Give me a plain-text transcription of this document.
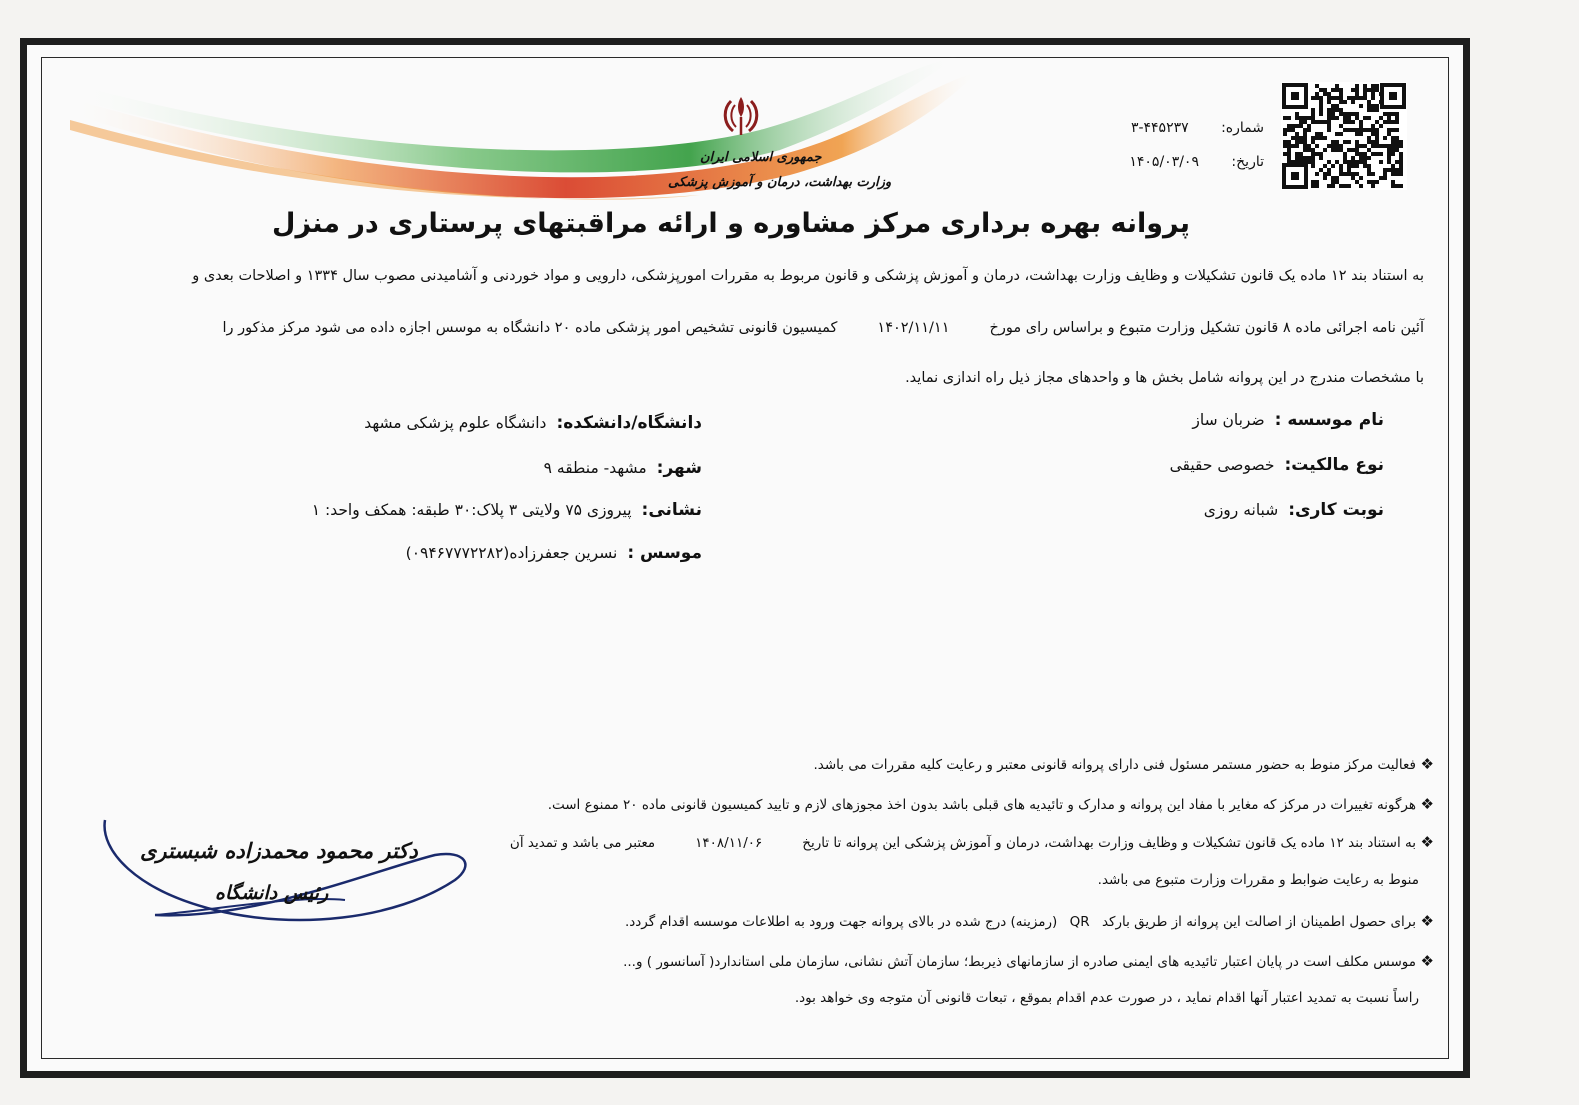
جمهوری اسلامی ایران
وزارت بهداشت، درمان و آموزش پزشکی
شماره: ۳-۴۴۵۲۳۷
تاریخ: ۱۴۰۵/۰۳/۰۹
پروانه بهره برداری مرکز مشاوره و ارائه مراقبتهای پرستاری در منزل
به استناد بند ۱۲ ماده یک قانون تشکیلات و وظایف وزارت بهداشت، درمان و آموزش پزشکی و قانون مربوط به مقررات امورپزشکی، دارویی و مواد خوردنی و آشامیدنی مصوب سال ۱۳۳۴ و اصلاحات بعدی و
آئین نامه اجرائی ماده ۸ قانون تشکیل وزارت متبوع و براساس رای مورخ۱۴۰۲/۱۱/۱۱کمیسیون قانونی تشخیص امور پزشکی ماده ۲۰ دانشگاه به موسس اجازه داده می شود مرکز مذکور را
با مشخصات مندرج در این پروانه شامل بخش ها و واحدهای مجاز ذیل راه اندازی نماید.
نام موسسه :ضربان ساز
نوع مالکیت:خصوصی حقیقی
نوبت کاری:شبانه روزی
دانشگاه/دانشکده:دانشگاه علوم پزشکی مشهد
شهر:مشهد- منطقه ۹
نشانی:پیروزی ۷۵ ولایتی ۳ پلاک:۳۰ طبقه: همکف واحد: ۱
موسس :نسرین جعفرزاده(۰۹۴۶۷۷۷۲۲۸۲)
❖فعالیت مرکز منوط به حضور مستمر مسئول فنی دارای پروانه قانونی معتبر و رعایت کلیه مقررات می باشد.
❖هرگونه تغییرات در مرکز که مغایر با مفاد این پروانه و مدارک و تائیدیه های قبلی باشد بدون اخذ مجوزهای لازم و تایید کمیسیون قانونی ماده ۲۰ ممنوع است.
❖به استناد بند ۱۲ ماده یک قانون تشکیلات و وظایف وزارت بهداشت، درمان و آموزش پزشکی این پروانه تا تاریخ۱۴۰۸/۱۱/۰۶معتبر می باشد و تمدید آن
منوط به رعایت ضوابط و مقررات وزارت متبوع می باشد.
❖برای حصول اطمینان از اصالت این پروانه از طریق بارکد QR (رمزینه) درج شده در بالای پروانه جهت ورود به اطلاعات موسسه اقدام گردد.
❖موسس مکلف است در پایان اعتبار تائیدیه های ایمنی صادره از سازمانهای ذیربط؛ سازمان آتش نشانی، سازمان ملی استاندارد( آسانسور ) و...
راساً نسبت به تمدید اعتبار آنها اقدام نماید ، در صورت عدم اقدام بموقع ، تبعات قانونی آن متوجه وی خواهد بود.
دکتر محمود محمدزاده شبستری
رئیس دانشگاه
